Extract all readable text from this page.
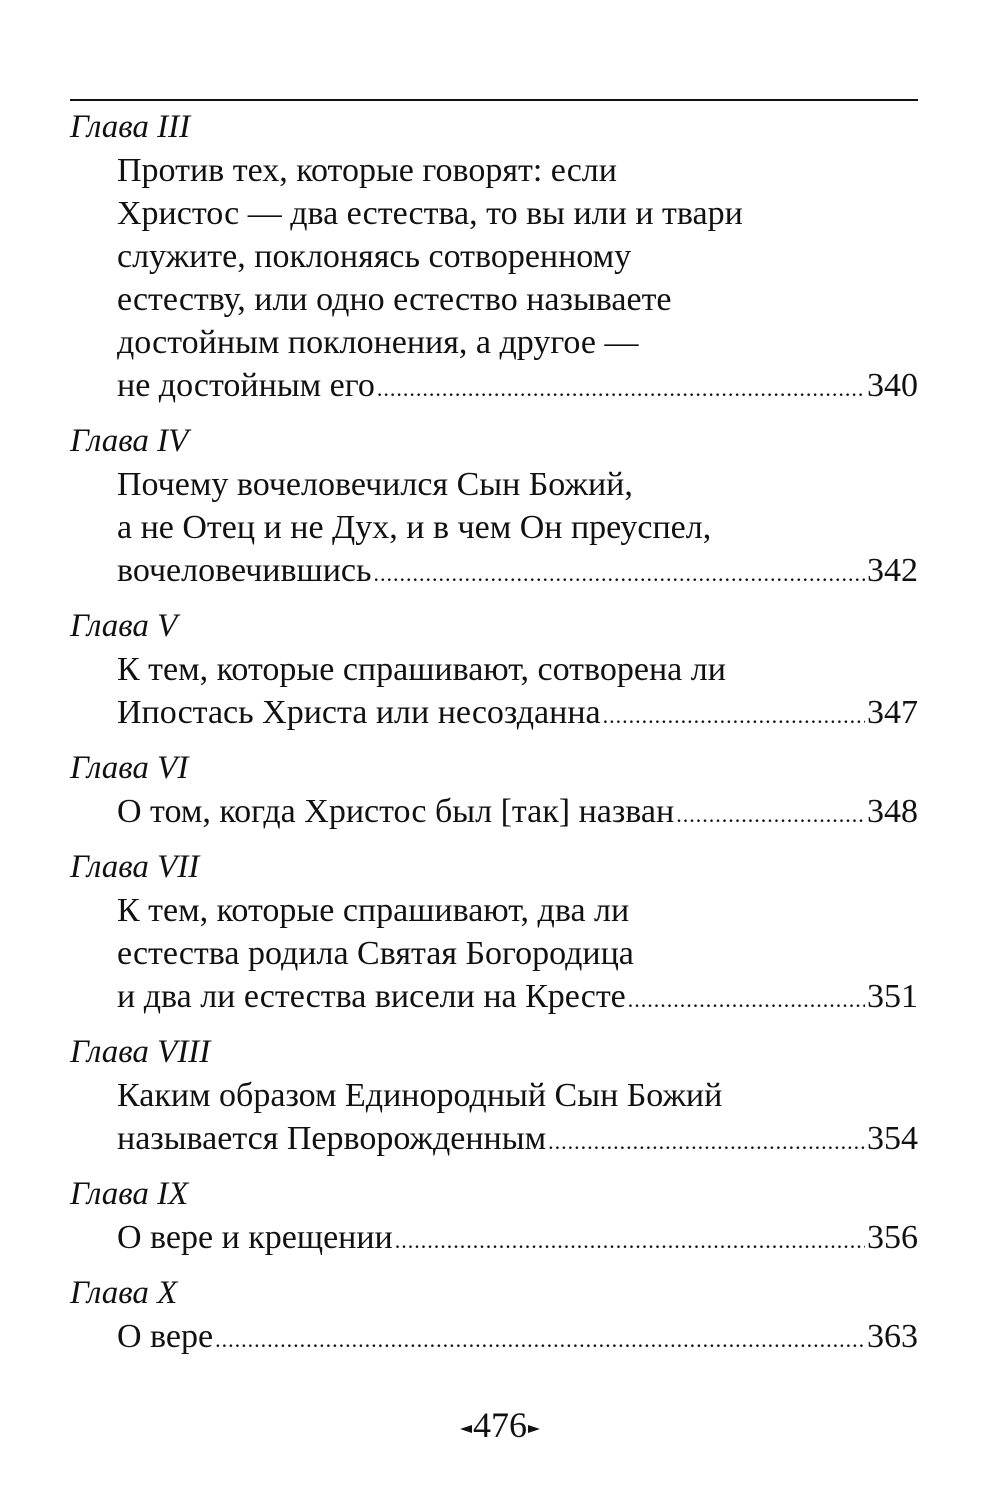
Глава III
Против тех, которые говорят: если
Христос — два естества, то вы или и твари
служите, поклоняясь сотворенному
естеству, или одно естество называете
достойным поклонения, а другое —
не достойным его .....	340
Глава IV
Почему вочеловечился Сын Божий,
а не Отец и не Дух, и в чем Он преуспел,
вочеловечившись .....	342
Глава V
К тем, которые спрашивают, сотворена ли
Ипостась Христа или несозданна .....	347
Глава VI
О том, когда Христос был [так] назван .....	348
Глава VII
К тем, которые спрашивают, два ли
естества родила Святая Богородица
и два ли естества висели на Кресте .....	351
Глава VIII
Каким образом Единородный Сын Божий
называется Перворожденным .....	354
Глава IX
О вере и крещении .....	356
Глава X
О вере .....	363
476
